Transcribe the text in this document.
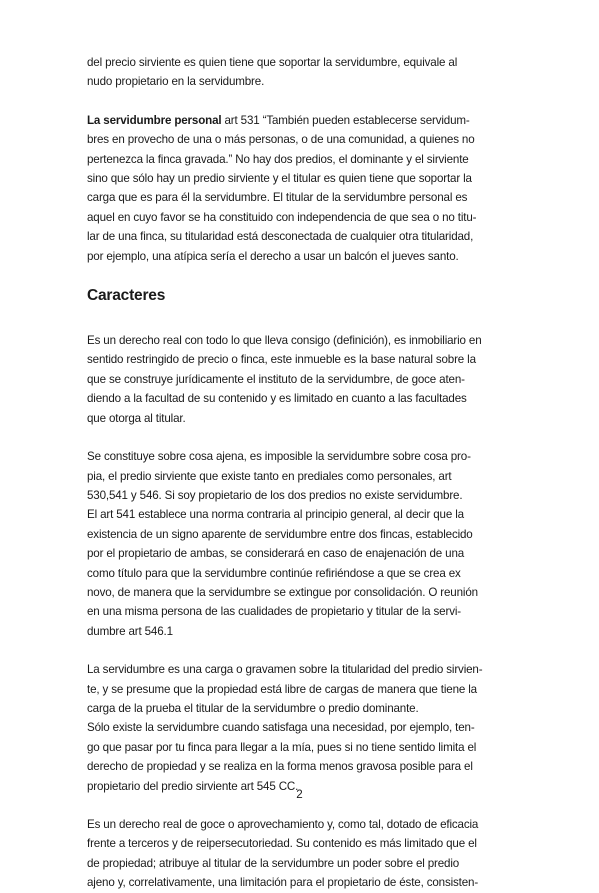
del precio sirviente es quien tiene que soportar la servidumbre, equivale al
nudo propietario en la servidumbre.
La servidumbre personal art 531 “También pueden establecerse servidum-
bres en provecho de una o más personas, o de una comunidad, a quienes no
pertenezca la finca gravada.” No hay dos predios, el dominante y el sirviente
sino que sólo hay un predio sirviente y el titular es quien tiene que soportar la
carga que es para él la servidumbre. El titular de la servidumbre personal es
aquel en cuyo favor se ha constituido con independencia de que sea o no titu-
lar de una finca, su titularidad está desconectada de cualquier otra titularidad,
por ejemplo, una atípica sería el derecho a usar un balcón el jueves santo.
Caracteres
Es un derecho real con todo lo que lleva consigo (definición), es inmobiliario en
sentido restringido de precio o finca, este inmueble es la base natural sobre la
que se construye jurídicamente el instituto de la servidumbre, de goce aten-
diendo a la facultad de su contenido y es limitado en cuanto a las facultades
que otorga al titular.
Se constituye sobre cosa ajena, es imposible la servidumbre sobre cosa pro-
pia, el predio sirviente que existe tanto en prediales como personales, art
530,541 y 546. Si soy propietario de los dos predios no existe servidumbre.
El art 541 establece una norma contraria al principio general, al decir que la
existencia de un signo aparente de servidumbre entre dos fincas, establecido
por el propietario de ambas, se considerará en caso de enajenación de una
como título para que la servidumbre continúe refiriéndose a que se crea ex
novo, de manera que la servidumbre se extingue por consolidación. O reunión
en una misma persona de las cualidades de propietario y titular de la servi-
dumbre art 546.1
La servidumbre es una carga o gravamen sobre la titularidad del predio sirvien-
te, y se presume que la propiedad está libre de cargas de manera que tiene la
carga de la prueba el titular de la servidumbre o predio dominante.
Sólo existe la servidumbre cuando satisfaga una necesidad, por ejemplo, ten-
go que pasar por tu finca para llegar a la mía, pues si no tiene sentido limita el
derecho de propiedad y se realiza en la forma menos gravosa posible para el
propietario del predio sirviente art 545 CC.
Es un derecho real de goce o aprovechamiento y, como tal, dotado de eficacia
frente a terceros y de reipersecutoriedad. Su contenido es más limitado que el
de propiedad; atribuye al titular de la servidumbre un poder sobre el predio
ajeno y, correlativamente, una limitación para el propietario de éste, consisten-
2
